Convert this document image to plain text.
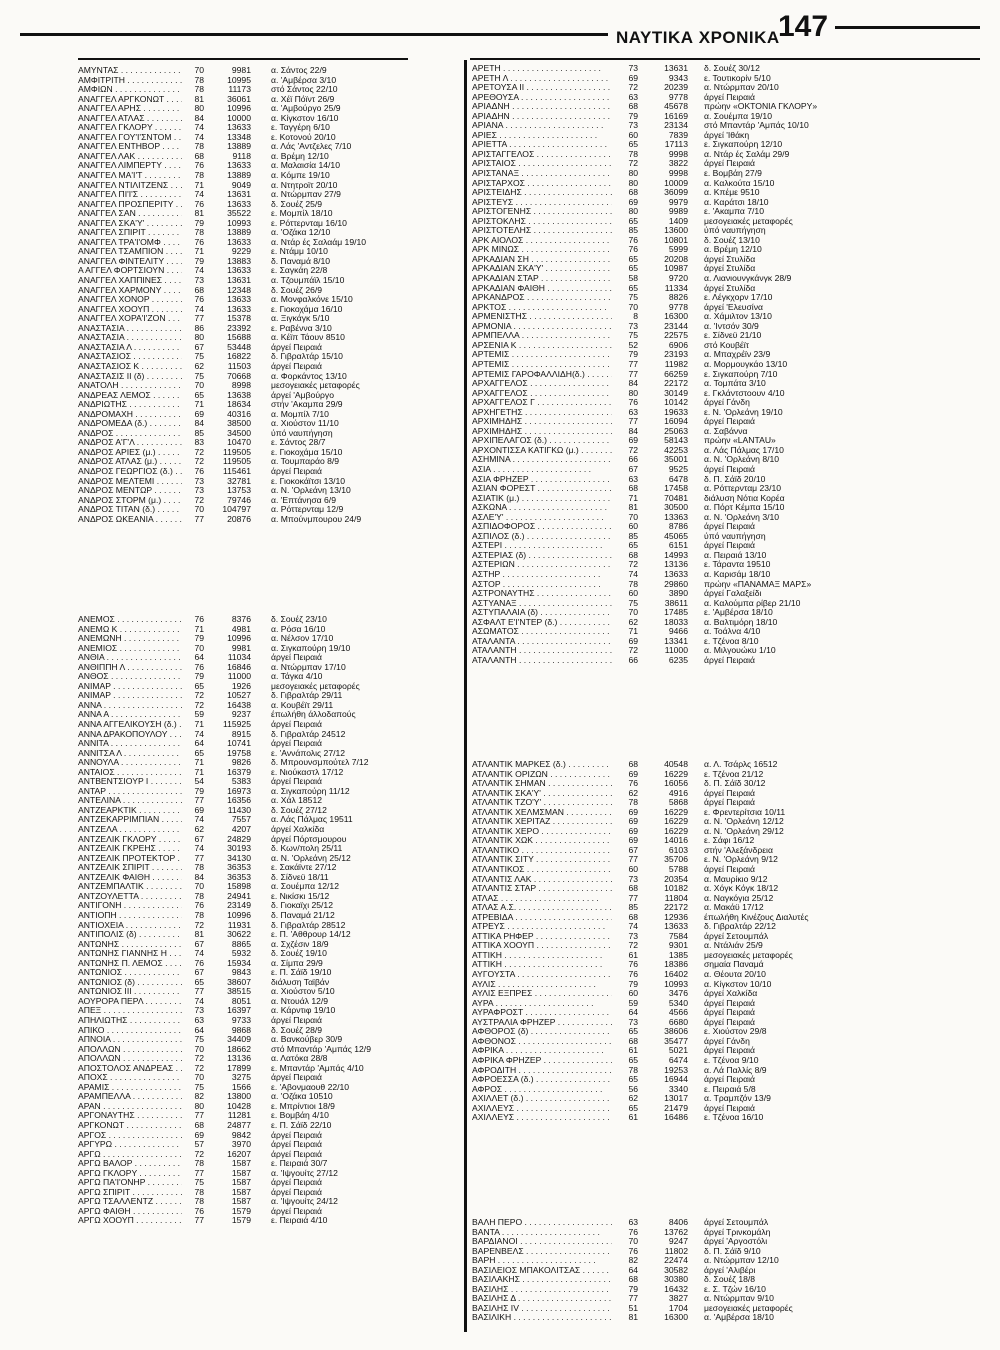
ΝΑΥΤΙΚΑ ΧΡΟΝΙΚΑ
147
ΑΜΥΝΤΑΣ . . .	70	9981	α. Σάντος 22/9
ΑΜΦΙΤΡΙΤΗ . . .	78	10995	α. 'Αμβέρσα 3/10
ΑΜΦΙΩΝ . . .	78	11173	στό Σάντος 22/10
ΑΝΑΓΓΕΛ ΑΡΓΚΟΝΩΤ . . .	81	36061	α. Χέϊ Πόϊντ 26/9
ΑΝΑΓΓΕΛ ΑΡΗΣ . . .	80	10996	α. 'Αμβούργο 25/9
ΑΝΑΓΓΕΛ ΑΤΛΑΣ . . .	84	10000	α. Κίγκστον 16/10
ΑΝΑΓΓΕΛ ΓΚΛΟΡΥ . . .	74	13633	ε. Ταγγέρη 6/10
ΑΝΑΓΓΕΛ ΓΟΥ'Ι'ΣΝΤΟΜ . . .	74	13348	ε. Κοτονού 20/10
ΑΝΑΓΓΕΛ ΕΝΤΗΒΟΡ . . .	78	13889	α. Λάς 'Αντζελες 7/10
ΑΝΑΓΓΕΛ ΛΑΚ . . .	68	9118	α. Βρέμη 12/10
ΑΝΑΓΓΕΛ ΛΙΜΠΕΡΤΥ . . .	76	13633	α. Μαλαισία 14/10
ΑΝΑΓΓΕΛ ΜΑ'Ι'Τ . . .	78	13889	α. Κόμπε 19/10
ΑΝΑΓΓΕΛ ΝΤΙΛΙΤΖΕΝΣ . . .	71	9049	α. Ντητροϊτ 20/10
ΑΝΑΓΓΕΛ ΠΙ'Ι'Σ . . .	74	13631	α. Ντώρμπαν 27/9
ΑΝΑΓΓΕΛ ΠΡΟΣΠΕΡΙΤΥ . . .	76	13633	δ. Σουέζ 25/9
ΑΝΑΓΓΕΛ ΣΑΝ . . .	81	35522	ε. Μομπίλ 18/10
ΑΝΑΓΓΕΛ ΣΚΑ'Υ' . . .	79	10993	ε. Ρόττερνταμ 16/10
ΑΝΑΓΓΕΛ ΣΠΙΡΙΤ . . .	78	13889	α. 'Οζάκα 12/10
ΑΝΑΓΓΕΛ ΤΡΑ'Ι'ΟΜΦ . . .	76	13633	α. Ντάρ ές Σαλαάμ 19/10
ΑΝΑΓΓΕΛ ΤΣΑΜΠΙΟΝ . . .	71	9229	ε. Ντάμμ 10/10
ΑΝΑΓΓΕΛ ΦΙΝΤΕΛΙΤΥ . . .	79	13883	δ. Παναμά 8/10
Α ΑΓΓΕΛ ΦΟΡΤΣΙΟΥΝ . . .	74	13633	ε. Σαγκάη 22/8
ΑΝΑΓΓΕΛ ΧΑΠΠΙΝΕΣ . . .	73	13631	α. Τζουμπάϊλ 15/10
ΑΝΑΓΓΕΛ ΧΑΡΜΟΝΥ . . .	68	12348	δ. Σουέζ 26/9
ΑΝΑΓΓΕΛ ΧΟΝΟΡ . . .	76	13633	α. Μονφαλκόνε 15/10
ΑΝΑΓΓΕΛ ΧΟΟΥΠ . . .	74	13633	ε. Γιοκοχάμα 16/10
ΑΝΑΓΓΕΛ ΧΟΡΑ'Ι'ΖΟΝ . . .	77	15378	α. Ξιγκάγκ 5/10
ΑΝΑΣΤΑΣΙΑ . . .	86	23392	ε. Ραβέννα 3/10
ΑΝΑΣΤΑΣΙΑ . . .	80	15688	α. Κέϊπ Τάουν 8510
ΑΝΑΣΤΑΣΙΑ Λ . . .	67	53448	άργεί Πειραιά
ΑΝΑΣΤΑΣΙΟΣ . . .	75	16822	δ. Γιβραλτάρ 15/10
ΑΝΑΣΤΑΣΙΟΣ Κ . . .	62	11503	άργεί Πειραιά
ΑΝΑΣΤΑΣΙΣ ΙΙ (δ) . . .	75	70668	α. Φορκάντος 13/10
ΑΝΑΤΟΛΗ . . .	70	8998	μεσογειακές μεταφορές
ΑΝΔΡΕΑΣ ΛΕΜΟΣ . . .	65	13638	άργεί 'Αμβούργο
ΑΝΔΡΙΩΤΗΣ . . .	71	18634	στήν 'Ακαμπα 29/9
ΑΝΔΡΟΜΑΧΗ . . .	69	40316	α. Μομπίλ 7/10
ΑΝΔΡΟΜΕΔΑ (δ.) . . .	84	38500	α. Χιούστον 11/10
ΑΝΔΡΟΣ . . .	85	34500	ύπό ναυπήγηση
ΑΝΔΡΟΣ Α'Γ'Λ . . .	83	10470	ε. Σάντος 28/7
ΑΝΔΡΟΣ ΑΡΙΕΣ (μ.) . . .	72	119505	ε. Γιοκοχάμα 15/10
ΑΝΔΡΟΣ ΑΤΛΑΣ (μ.) . . .	72	119505	α. Τουμπαράο 8/9
ΑΝΔΡΟΣ ΓΕΩΡΓΙΟΣ (δ.) . . .	76	115461	άργεί Πειραιά
ΑΝΔΡΟΣ ΜΕΛΤΕΜΙ . . .	73	32781	ε. Γιοκοκάϊτσι 13/10
ΑΝΔΡΟΣ ΜΕΝΤΩΡ . . .	73	13753	α. Ν. 'Ορλεάνη 13/10
ΑΝΔΡΟΣ ΣΤΟΡΜ (μ.) . . .	72	79746	α. 'Επτάνησα 6/9
ΑΝΔΡΟΣ ΤΙΤΑΝ (δ.) . . .	70	104797	α. Ρόττερνταμ 12/9
ΑΝΔΡΟΣ ΩΚΕΑΝΙΑ . . .	77	20876	α. Μπούνμπουρου 24/9
ΑΝΕΜΟΣ . . .	76	8376	δ. Σουέζ 23/10
ΑΝΕΜΩ Κ . . .	71	4981	α. Ρόσα 16/10
ΑΝΕΜΩΝΗ . . .	79	10996	α. Νέλσον 17/10
ΑΝΕΜΙΟΣ . . .	70	9981	α. Σιγκαπούρη 19/10
ΑΝΘΙΑ . . .	64	11034	άργεί Πειραιά
ΑΝΘΙΠΠΗ Λ . . .	76	16846	α. Ντώρμπαν 17/10
ΑΝΘΟΣ . . .	79	11000	α. Τάγκα 4/10
ΑΝΙΜΑΡ . . .	65	1926	μεσογειακές μεταφορές
ΑΝΙΜΑΡ . . .	72	10527	δ. Γιβραλτάρ 29/11
ΑΝΝΑ . . .	72	16438	α. Κουβέϊτ 29/11
ΑΝΝΑ Α . . .	59	9237	έπωλήθη άλλοδαπούς
ΑΝΝΑ ΑΓΓΕΛΙΚΟΥΣΗ (δ.) . . .	71	115925	άργεί Πειραιά
ΑΝΝΑ ΔΡΑΚΟΠΟΥΛΟΥ . . .	74	8915	δ. Γιβραλτάρ 24512
ΑΝΝΙΤΑ . . .	64	10741	άργεί Πειραιά
ΑΝΝΙΤΣΑ Λ . . .	65	19758	ε. 'Αννάπολις 27/12
ΑΝΝΟΥΛΑ . . .	71	9826	δ. Μπρουνσμπούτελ 7/12
ΑΝΤΑΙΟΣ . . .	71	16379	ε. Νιούκαστλ 17/12
ΑΝΤΒΕΝΤΣΙΟΥΡ Ι . . .	54	5383	άργεί Πειραιά
ΑΝΤΑΡ . . .	79	16973	α. Σιγκαπούρη 11/12
ΑΝΤΕΛΙΝΑ . . .	77	16356	α. Χάλ 18512
ΑΝΤΖΕΑΡΚΤΙΚ . . .	69	11430	δ. Σουέζ 27/12
ΑΝΤΖΕΚΑΡΡΙΜΠΙΑΝ . . .	74	7557	α. Λάς Πάλμας 19511
ΑΝΤΖΕΛΑ . . .	62	4207	άργεί Χαλκίδα
ΑΝΤΖΕΛΙΚ ΓΚΛΟΡΥ . . .	67	24829	άργεί Πόρτσμουρου
ΑΝΤΖΕΛΙΚ ΓΚΡΕΗΣ . . .	74	30193	δ. Κων/πολη 25/11
ΑΝΤΖΕΛΙΚ ΠΡΟΤΕΚΤΟΡ . . .	77	34130	α. Ν. 'Ορλεάνη 25/12
ΑΝΤΖΕΛΙΚ ΣΠΙΡΙΤ . . .	78	36353	ε. Σακάϊντε 27/12
ΑΝΤΖΕΛΙΚ ΦΑΙΘΗ . . .	84	36353	δ. Σίδνεϋ 18/11
ΑΝΤΖΕΜΠΑΛΤΙΚ . . .	70	15898	α. Σουέμπα 12/12
ΑΝΤΖΟΥΛΕΤΤΑ . . .	78	24941	ε. Νικίσκι 15/12
ΑΝΤΙΓΟΝΗ . . .	76	23149	δ. Γιοκαϊχι 25/12
ΑΝΤΙΟΠΗ . . .	78	10996	δ. Παναμά 21/12
ΑΝΤΙΟΧΕΙΑ . . .	72	11931	δ. Γιβραλτάρ 28512
ΑΝΤΙΠΟΛΙΣ (δ) . . .	81	30622	ε. Π. 'Αθθρουρ 14/12
ΑΝΤΩΝΗΣ . . .	67	8865	α. Σχζέσιν 18/9
ΑΝΤΩΝΗΣ ΓΙΑΝΝΗΣ Η . . .	74	5932	δ. Σουέζ 19/10
ΑΝΤΩΝΗΣ Π. ΛΕΜΟΣ . . .	76	15934	α. Σίμπα 29/9
ΑΝΤΩΝΙΟΣ . . .	67	9843	ε. Π. Σάϊδ 19/10
ΑΝΤΩΝΙΟΣ (δ) . . .	65	38607	διάλυση Ταϊβάν
ΑΝΤΩΝΙΟΣ ΙΙΙ . . .	77	38515	α. Χιούστον 5/10
ΑΟΥΡΟΡΑ ΠΕΡΛ . . .	74	8051	α. Ντουάλ 12/9
ΑΠΕΞ . . .	73	16397	α. Κάρντιφ 19/10
ΑΠΗΛΙΩΤΗΣ . . .	63	9733	άργεί Πειραιά
ΑΠΙΚΟ . . .	64	9868	δ. Σουέζ 28/9
ΑΠΝΟΙΑ . . .	75	34409	α. Βανκούβερ 30/9
ΑΠΟΛΛΩΝ . . .	70	18662	στό Μπαντάρ 'Αμπάς 12/9
ΑΠΟΛΛΩΝ . . .	72	13136	α. Λατόκα 28/8
ΑΠΟΣΤΟΛΟΣ ΑΝΔΡΕΑΣ . . .	72	17899	ε. Μπαντάρ 'Αμπάς 4/10
ΑΠΟΧΣ . . .	70	3275	άργεί Πειραιά
ΑΡΑΜΙΣ . . .	75	1566	ε. 'Αβονμαουθ 22/10
ΑΡΑΜΠΕΛΛΑ . . .	82	13800	α. 'Οζάκα 10510
ΑΡΑΝ . . .	80	10428	ε. Μπρίντιοι 18/9
ΑΡΓΟΝΑΥΤΗΣ . . .	77	11281	ε. Βομβάη 4/10
ΑΡΓΚΟΝΩΤ . . .	68	24877	ε. Π. Σάϊδ 22/10
ΑΡΓΟΣ . . .	69	9842	άργεί Πειραιά
ΑΡΓΥΡΩ . . .	57	3970	άργεί Πειραιά
ΑΡΓΩ . . .	72	16207	άργεί Πειραιά
ΑΡΓΩ ΒΑΛΟΡ . . .	78	1587	ε. Πειραιά 30/7
ΑΡΓΩ ΓΚΛΟΡΥ . . .	77	1587	α. 'Ιψγουίτς 27/12
ΑΡΓΩ ΠΑ'Ι'ΟΝΗΡ . . .	75	1587	άργεί Πειραιά
ΑΡΓΩ ΣΠΙΡΙΤ . . .	78	1587	άργεί Πειραιά
ΑΡΓΩ ΤΣΑΛΛΕΝΤΖ . . .	78	1587	α. 'Ιψγουίτς 24/12
ΑΡΓΩ ΦΑΙΘΗ . . .	76	1579	άργεί Πειραιά
ΑΡΓΩ ΧΟΟΥΠ . . .	77	1579	ε. Πειραιά 4/10
ΑΡΕΤΗ . . .	73	13631	δ. Σουέζ 30/12
ΑΡΕΤΗ Λ . . .	69	9343	ε. Τουτικορίν 5/10
ΑΡΕΤΟΥΣΑ ΙΙ . . .	72	20239	α. Ντώρμπαν 20/10
ΑΡΕΘΟΥΣΑ . . .	63	9778	άργεί Πειραιά
ΑΡΙΑΔΝΗ . . .	68	45678	πρώην «ΟΚΤΟΝΙΑ ΓΚΛΟΡΥ»
ΑΡΙΑΔΗΝ . . .	79	16169	α. Σουέμπα 19/10
ΑΡΙΑΝΑ . . .	73	23134	στό Μπαντάρ 'Αμπάς 10/10
ΑΡΙΕΣ . . .	60	7839	άργεί 'Ιθάκη
ΑΡΙΕΤΤΑ . . .	65	17113	ε. Σιγκαπούρη 12/10
ΑΡΙΣΤΑΓΓΕΛΟΣ . . .	78	9998	α. Ντάρ ές Σαλάμ 29/9
ΑΡΙΣΤΑΙΟΣ . . .	72	3822	άργεί Πειραιά
ΑΡΙΣΤΑΝΑΞ . . .	80	9998	ε. Βομβάη 27/9
ΑΡΙΣΤΑΡΧΟΣ . . .	80	10009	α. Καλκούτα 15/10
ΑΡΙΣΤΕΙΔΗΣ . . .	68	36099	α. Κπέμε 9510
ΑΡΙΣΤΕΥΣ . . .	69	9979	α. Καράτσι 18/10
ΑΡΙΣΤΟΓΕΝΗΣ . . .	80	9989	ε. 'Ακαμπα 7/10
ΑΡΙΣΤΟΚΛΗΣ . . .	65	1409	μεσογειακές μεταφορές
ΑΡΙΣΤΟΤΕΛΗΣ . . .	85	13600	ύπό ναυπήγηση
ΑΡΚ ΑΙΟΛΟΣ . . .	76	10801	δ. Σουέζ 13/10
ΑΡΚ ΜΙΝΩΣ . . .	76	5999	α. Βρέμη 12/10
ΑΡΚΑΔΙΑΝ ΣΗ . . .	65	20208	άργεί Στυλίδα
ΑΡΚΑΔΙΑΝ ΣΚΑ'Υ' . . .	65	10987	άργεί Στυλίδα
ΑΡΚΑΔΙΑΝ ΣΤΑΡ . . .	58	9720	α. Λιανιουνγκάνγκ 28/9
ΑΡΚΑΔΙΑΝ ΦΑΙΘΗ . . .	65	11334	άργεί Στυλίδα
ΑΡΚΑΝΔΡΟΣ . . .	75	8826	ε. Λέγκχορν 17/10
ΑΡΚΤΟΣ . . .	70	9778	άργεί 'Ελευσίνα
ΑΡΜΕΝΙΣΤΗΣ . . .	8	16300	α. Χάμιλτον 13/10
ΑΡΜΟΝΙΑ . . .	73	23144	α. 'Ιντσόν 30/9
ΑΡΜΠΕΛΛΑ . . .	75	22575	ε. Σίδνεϋ 21/10
ΑΡΣΕΝΙΑ Κ . . .	52	6906	στό Κουβέϊτ
ΑΡΤΕΜΙΣ . . .	79	23193	α. Μπαχρέϊν 23/9
ΑΡΤΕΜΙΣ . . .	77	11982	α. Μορμουγκάο 13/10
ΑΡΤΕΜΙΣ ΓΑΡΟΦΑΛΛΙΔΗ(δ.) . . .	77	66259	ε. Σιγκαπούρη 7/10
ΑΡΧΑΓΓΕΛΟΣ . . .	84	22172	α. Τομπάτα 3/10
ΑΡΧΑΓΓΕΛΟΣ . . .	80	30149	ε. Γκλάντστοουν 4/10
ΑΡΧΑΓΓΕΛΟΣ Γ . . .	76	10142	άργεί Γάνδη
ΑΡΧΗΓΕΤΗΣ . . .	63	19633	ε. Ν. 'Ορλεάνη 19/10
ΑΡΧΙΜΗΔΗΣ . . .	77	16094	άργεί Πειραιά
ΑΡΧΙΜΗΔΗΣ . . .	84	25063	α. Σαβάννα
ΑΡΧΙΠΕΛΑΓΟΣ (δ.) . . .	69	58143	πρώην «LANTAU»
ΑΡΧΟΝΤΙΣΣΑ ΚΑΤΙΓΚΩ (μ.) . . .	72	42253	α. Λάς Πάλμας 17/10
ΑΣΗΜΙΝΑ . . .	66	35001	α. Ν. 'Ορλεάνη 8/10
ΑΣΙΑ . . .	67	9525	άργεί Πειραιά
ΑΣΙΑ ΦΡΗΖΕΡ . . .	63	6478	δ. Π. Σάϊδ 20/10
ΑΣΙΑΝ ΦΟΡΕΣΤ . . .	68	17458	α. Ρόττερνταμ 23/10
ΑΣΙΑΤΙΚ (μ.) . . .	71	70481	διάλυση Νότια Κορέα
ΑΣΚΩΝΑ . . .	81	30500	α. Πόρτ Κέμπα 15/10
ΑΣΛΕ'Υ' . . .	70	13363	α. Ν. 'Ορλεάνη 3/10
ΑΣΠΙΔΟΦΟΡΟΣ . . .	60	8786	άργεί Πειραιά
ΑΣΠΙΛΟΣ (δ.) . . .	85	45065	ύπό ναυπήγηση
ΑΣΤΕΡΙ . . .	65	6151	άργεί Πειραιά
ΑΣΤΕΡΙΑΣ (δ) . . .	68	14993	α. Πειραιά 13/10
ΑΣΤΕΡΙΩΝ . . .	72	13136	ε. Τάραντα 19510
ΑΣΤΗΡ . . .	74	13633	α. Καρισάμ 18/10
ΑΣΤΟΡ . . .	78	29860	πρώην «ΠΑΝΑΜΑΞ ΜΑΡΣ»
ΑΣΤΡΟΝΑΥΤΗΣ . . .	60	3890	άργεί Γαλαξείδι
ΑΣΤΥΑΝΑΞ . . .	75	38611	α. Καλούμπα ρίβερ 21/10
ΑΣΤΥΠΑΛΑΙΑ (δ) . . .	70	17485	ε. 'Αμβέρσα 18/10
ΑΣΦΑΛΤ Ε'Ι'ΝΤΕΡ (δ.) . . .	62	18033	α. Βαλτιμόρη 18/10
ΑΣΩΜΑΤΟΣ . . .	71	9466	α. Τοάλνα 4/10
ΑΤΑΛΑΝΤΑ . . .	69	13341	ε. Τζένοα 8/10
ΑΤΑΛΑΝΤΗ . . .	72	11000	α. Μιλγουώκυ 1/10
ΑΤΑΛΑΝΤΗ . . .	66	6235	άργεί Πειραιά
ΑΤΛΑΝΤΙΚ ΜΑΡΚΕΣ (δ.) . . .	68	40548	α. Λ. Τσάρλς 16512
ΑΤΛΑΝΤΙΚ ΟΡΙΖΩΝ . . .	69	16229	ε. Τζένοα 21/12
ΑΤΛΑΝΤΙΚ ΣΗΜΑΝ . . .	76	16056	δ. Π. Σάϊδ 30/12
ΑΤΛΑΝΤΙΚ ΣΚΑ'Υ' . . .	62	4916	άργεί Πειραιά
ΑΤΛΑΝΤΙΚ ΤΖΟ'Υ' . . .	78	5868	άργεί Πειραιά
ΑΤΛΑΝΤΙΚ ΧΕΛΜΣΜΑΝ . . .	69	16229	ε. Φρεντερίτσια 10/11
ΑΤΛΑΝΤΙΚ ΧΕΡΙΤΑΖ . . .	69	16229	α. Ν. 'Ορλεάνη 12/12
ΑΤΛΑΝΤΙΚ ΧΕΡΟ . . .	69	16229	α. Ν. 'Ορλεάνη 29/12
ΑΤΛΑΝΤΙΚ ΧΩΚ . . .	69	14016	ε. Σάφι 16/12
ΑΤΛΑΝΤΙΚΟ . . .	67	6103	στήν 'Αλεξάνδρεια
ΑΤΛΑΝΤΙΚ ΣΙΤΥ . . .	77	35706	ε. Ν. 'Ορλεάνη 9/12
ΑΤΛΑΝΤΙΚΟΣ . . .	60	5788	άργεί Πειραιά
ΑΤΛΑΝΤΙΣ ΛΑΚ . . .	73	20354	α. Μαυρίκιο 9/12
ΑΤΛΑΝΤΙΣ ΣΤΑΡ . . .	68	10182	α. Χόγκ Κόγκ 18/12
ΑΤΛΑΣ . . .	77	11804	α. Ναγκόγια 25/12
ΑΤΛΑΣ Α.Σ. . . .	85	22172	α. Μακάϋ 17/12
ΑΤΡΕΒΙΔΑ . . .	68	12936	έπωλήθη Κινέζους Διαλυτές
ΑΤΡΕΥΣ . . .	74	13633	δ. Γιβραλτάρ 22/12
ΑΤΤΙΚΑ ΡΗΦΕΡ . . .	73	7584	άργεί Σετουμπάλ
ΑΤΤΙΚΑ ΧΟΟΥΠ . . .	72	9301	α. Ντάλιάν 25/9
ΑΤΤΙΚΗ . . .	61	1385	μεσογειακές μεταφορές
ΑΤΤΙΚΗ . . .	76	18386	σημαία Παναμά
ΑΥΓΟΥΣΤΑ . . .	76	16402	α. Θέουτα 20/10
ΑΥΛΙΣ . . .	79	10993	α. Κίγκστον 10/10
ΑΥΛΙΣ ΕΞΠΡΕΣ . . .	60	3476	άργεί Χαλκίδα
ΑΥΡΑ . . .	59	5340	άργεί Πειραιά
ΑΥΡΑΦΡΟΣΤ . . .	64	4566	άργεί Πειραιά
ΑΥΣΤΡΑΛΙΑ ΦΡΗΖΕΡ . . .	73	6680	άργεί Πειραιά
ΑΦΘΟΡΟΣ (δ) . . .	65	38606	ε. Χιούστον 29/8
ΑΦΘΟΝΟΣ . . .	68	35477	άργεί Γάνδη
ΑΦΡΙΚΑ . . .	61	5021	άργεί Πειραιά
ΑΦΡΙΚΑ ΦΡΗΖΕΡ . . .	65	6474	ε. Τζένοα 9/10
ΑΦΡΟΔΙΤΗ . . .	78	19253	α. Λά Παλλίς 8/9
ΑΦΡΟΕΣΣΑ (δ.) . . .	65	16944	άργεί Πειραιά
ΑΦΡΟΣ . . .	56	3340	ε. Πειραιά 5/8
ΑΧΙΛΛΕΤ (δ.) . . .	62	13017	α. Τραμπζόν 13/9
ΑΧΙΛΛΕΥΣ . . .	65	21479	άργεί Πειραιά
ΑΧΙΛΛΕΥΣ . . .	61	16486	ε. Τζένοα 16/10
ΒΑΛΗ ΠΕΡΟ . . .	63	8406	άργεί Σετουμπάλ
ΒΑΝΤΑ . . .	76	13762	άργεί Τρινκομάλη
ΒΑΡΔΙΑΝΟΙ . . .	70	9247	άργεί 'Αργοστόλι
ΒΑΡΕΝΒΕΛΣ . . .	76	11802	δ. Π. Σάϊδ 9/10
ΒΑΡΗ . . .	82	22474	α. Ντώρμπαν 12/10
ΒΑΣΙΛΕΙΟΣ ΜΠΑΚΟΛΙΤΣΑΣ . . .	64	30582	άργεί 'Αλιβέρι
ΒΑΣΙΛΑΚΗΣ . . .	68	30380	δ. Σουέζ 18/8
ΒΑΣΙΛΗΣ . . .	79	16432	ε. Σ. Τζών 16/10
ΒΑΣΙΛΗΣ Δ . . .	77	3827	α. Ντώρμπαν 9/10
ΒΑΣΙΛΗΣ ΙV . . .	51	1704	μεσογειακές μεταφορές
ΒΑΣΙΛΙΚΗ . . .	81	16300	α. 'Αμβέρσα 18/10
